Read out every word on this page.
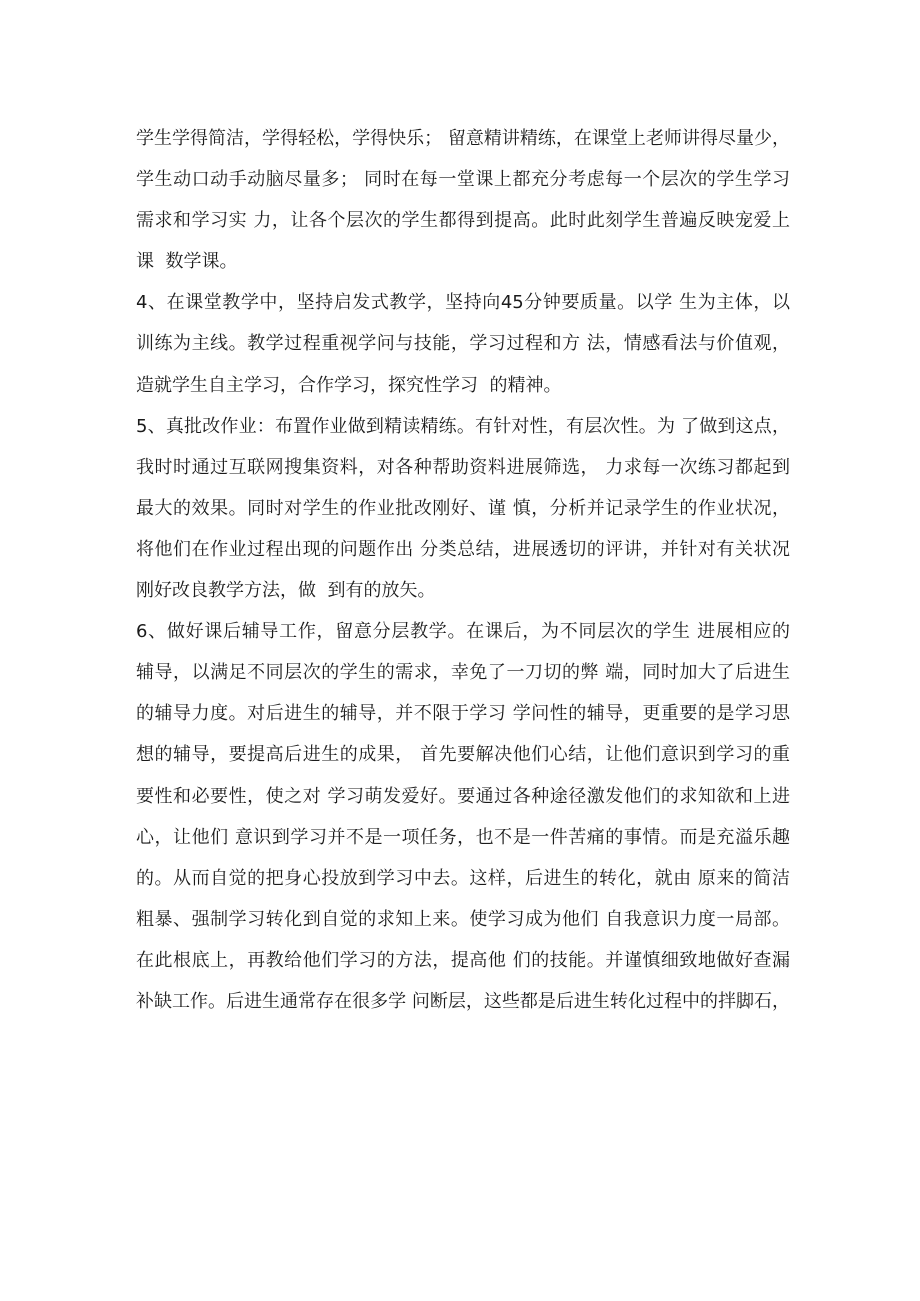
学生学得简洁，学得轻松，学得快乐； 留意精讲精练，在课堂上老师讲得尽量少，
学生动口动手动脑尽量多； 同时在每一堂课上都充分考虑每一个层次的学生学习
需求和学习实 力，让各个层次的学生都得到提高。此时此刻学生普遍反映宠爱上
课  数学课。
4、在课堂教学中，坚持启发式教学，坚持向45分钟要质量。以学 生为主体，以
训练为主线。教学过程重视学问与技能，学习过程和方 法，情感看法与价值观，
造就学生自主学习，合作学习，探究性学习  的精神。
5、真批改作业：布置作业做到精读精练。有针对性，有层次性。为 了做到这点，
我时时通过互联网搜集资料，对各种帮助资料进展筛选， 力求每一次练习都起到
最大的效果。同时对学生的作业批改刚好、谨 慎，分析并记录学生的作业状况，
将他们在作业过程出现的问题作出 分类总结，进展透切的评讲，并针对有关状况
刚好改良教学方法，做  到有的放矢。
6、做好课后辅导工作，留意分层教学。在课后，为不同层次的学生 进展相应的
辅导，以满足不同层次的学生的需求，幸免了一刀切的弊 端，同时加大了后进生
的辅导力度。对后进生的辅导，并不限于学习 学问性的辅导，更重要的是学习思
想的辅导，要提高后进生的成果， 首先要解决他们心结，让他们意识到学习的重
要性和必要性，使之对 学习萌发爱好。要通过各种途径激发他们的求知欲和上进
心，让他们 意识到学习并不是一项任务，也不是一件苦痛的事情。而是充溢乐趣
的。从而自觉的把身心投放到学习中去。这样，后进生的转化，就由 原来的简洁
粗暴、强制学习转化到自觉的求知上来。使学习成为他们 自我意识力度一局部。
在此根底上，再教给他们学习的方法，提高他 们的技能。并谨慎细致地做好查漏
补缺工作。后进生通常存在很多学 问断层，这些都是后进生转化过程中的拌脚石，
